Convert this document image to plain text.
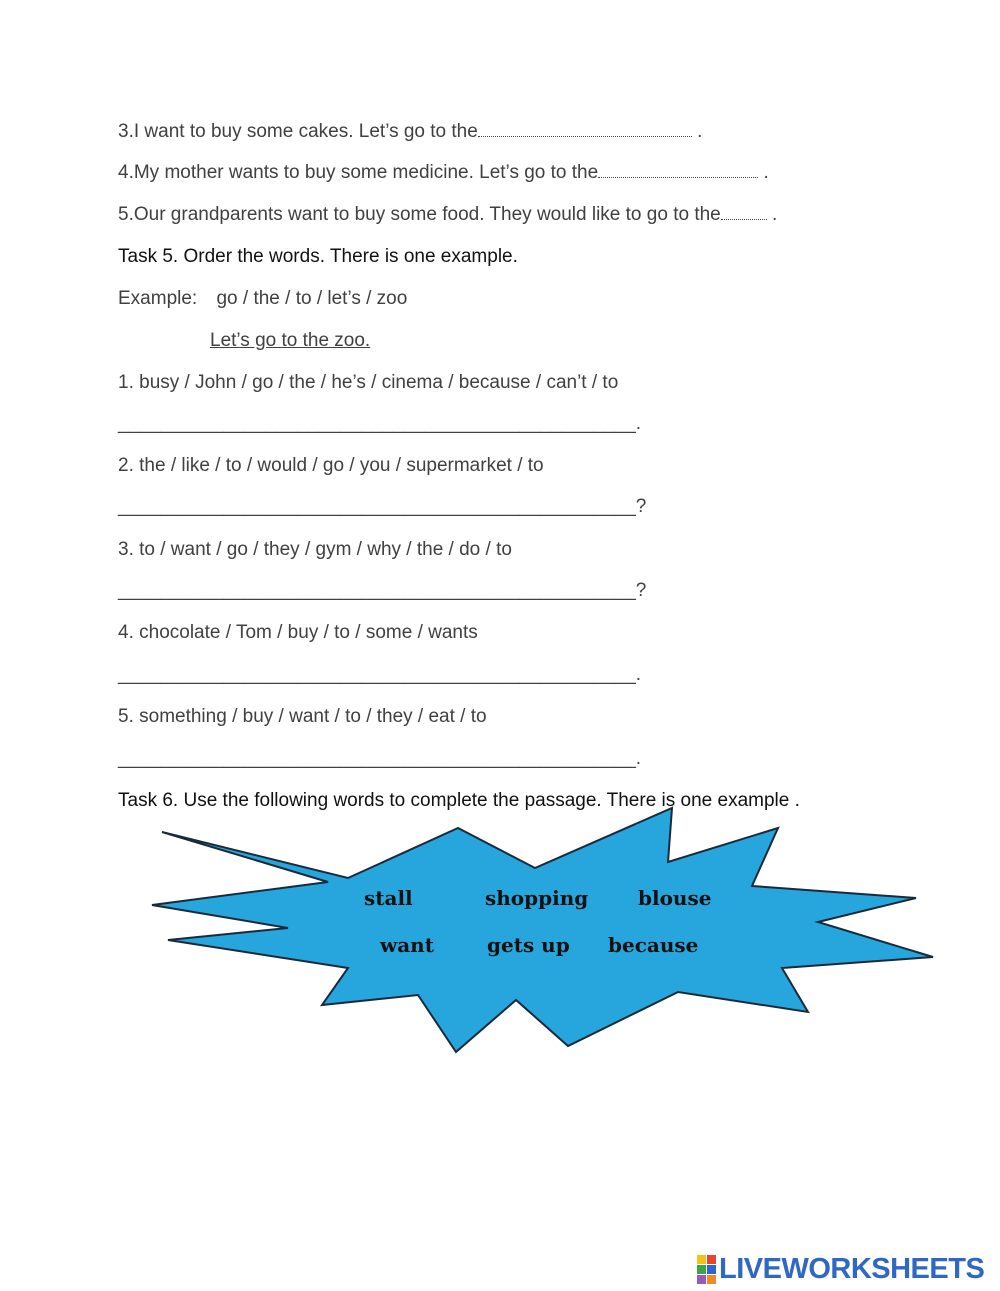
3.I want to buy some cakes. Let’s go to the	.
4.My mother wants to buy some medicine. Let’s go to the	.
5.Our grandparents want to buy some food. They would like to go to the .
Task 5. Order the words. There is one example.
Example: go / the / to / let’s / zoo
Let’s go to the zoo.
1. busy / John / go / the / he’s / cinema / because / can’t / to
_________________________________________________.
2. the / like / to / would / go / you / supermarket / to
_________________________________________________?
3. to / want / go / they / gym / why / the / do / to
_________________________________________________?
4. chocolate / Tom / buy / to / some / wants
_________________________________________________.
5. something / buy / want / to / they / eat / to
_________________________________________________.
Task 6. Use the following words to complete the passage. There is one example .
stall	shopping blouse
want	gets up because
LIVEWORKSHEETS
